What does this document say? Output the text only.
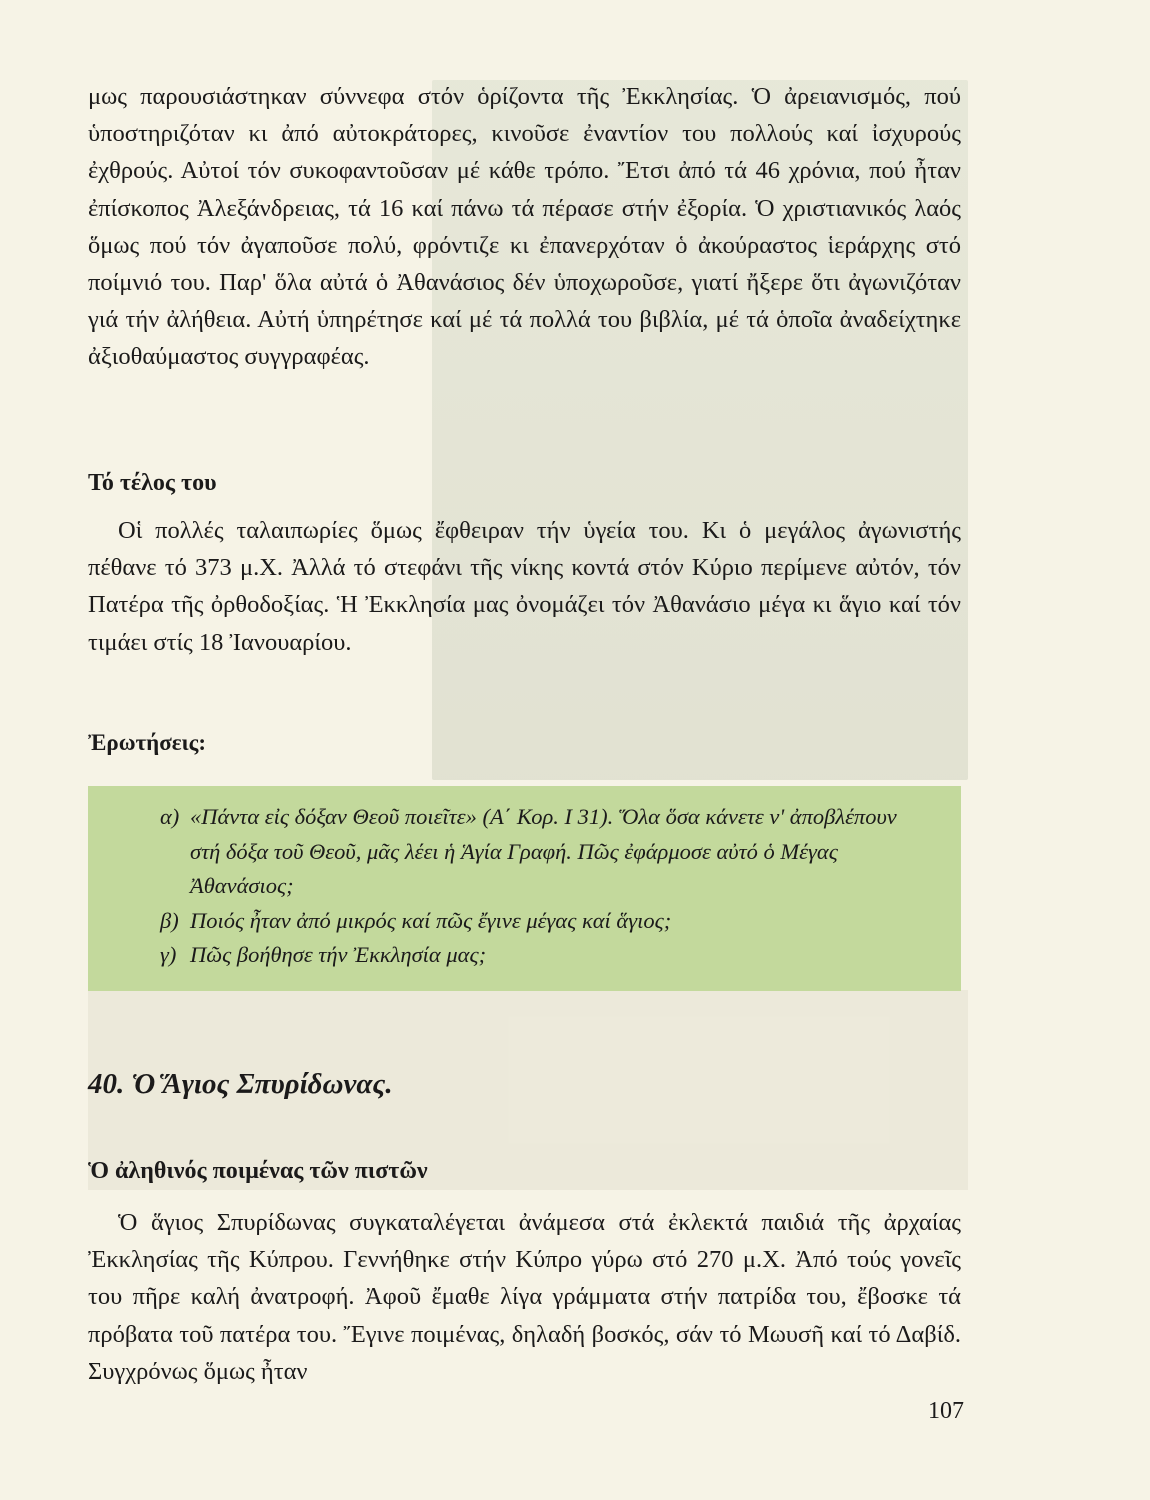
μως παρουσιάστηκαν σύννεφα στόν ὁρίζοντα τῆς Ἐκκλησίας. Ὁ ἀρειανισμός, πού ὑποστηριζόταν κι ἀπό αὐτοκράτορες, κινοῦσε ἐναντίον του πολλούς καί ἰσχυρούς ἐχθρούς. Αὐτοί τόν συκοφαντοῦσαν μέ κάθε τρόπο. Ἔτσι ἀπό τά 46 χρόνια, πού ἦταν ἐπίσκοπος Ἀλεξάνδρειας, τά 16 καί πάνω τά πέρασε στήν ἐξορία. Ὁ χριστιανικός λαός ὅμως πού τόν ἀγαποῦσε πολύ, φρόντιζε κι ἐπανερχόταν ὁ ἀκούραστος ἱεράρχης στό ποίμνιό του. Παρ' ὅλα αὐτά ὁ Ἀθανάσιος δέν ὑποχωροῦσε, γιατί ἤξερε ὅτι ἀγωνιζόταν γιά τήν ἀλήθεια. Αὐτή ὑπηρέτησε καί μέ τά πολλά του βιβλία, μέ τά ὁποῖα ἀναδείχτηκε ἀξιοθαύμαστος συγγραφέας.

Τό τέλος του

Οἱ πολλές ταλαιπωρίες ὅμως ἔφθειραν τήν ὑγεία του. Κι ὁ μεγάλος ἀγωνιστής πέθανε τό 373 μ.Χ. Ἀλλά τό στεφάνι τῆς νίκης κοντά στόν Κύριο περίμενε αὐτόν, τόν Πατέρα τῆς ὀρθοδοξίας. Ἡ Ἐκκλησία μας ὀνομάζει τόν Ἀθανάσιο μέγα κι ἅγιο καί τόν τιμάει στίς 18 Ἰανουαρίου.

Ἐρωτήσεις:
α) «Πάντα εἰς δόξαν Θεοῦ ποιεῖτε» (Α΄ Κορ. Ι 31). Ὅλα ὅσα κάνετε ν' ἀποβλέπουν στή δόξα τοῦ Θεοῦ, μᾶς λέει ἡ Ἁγία Γραφή. Πῶς ἐφάρμοσε αὐτό ὁ Μέγας Ἀθανάσιος;
β) Ποιός ἦταν ἀπό μικρός καί πῶς ἔγινε μέγας καί ἅγιος;
γ) Πῶς βοήθησε τήν Ἐκκλησία μας;
40. Ὁ Ἅγιος Σπυρίδωνας.
Ὁ ἀληθινός ποιμένας τῶν πιστῶν

Ὁ ἅγιος Σπυρίδωνας συγκαταλέγεται ἀνάμεσα στά ἐκλεκτά παιδιά τῆς ἀρχαίας Ἐκκλησίας τῆς Κύπρου. Γεννήθηκε στήν Κύπρο γύρω στό 270 μ.Χ. Ἀπό τούς γονεῖς του πῆρε καλή ἀνατροφή. Ἀφοῦ ἔμαθε λίγα γράμματα στήν πατρίδα του, ἔβοσκε τά πρόβατα τοῦ πατέρα του. Ἔγινε ποιμένας, δηλαδή βοσκός, σάν τό Μωυσῆ καί τό Δαβίδ. Συγχρόνως ὅμως ἦταν

107
